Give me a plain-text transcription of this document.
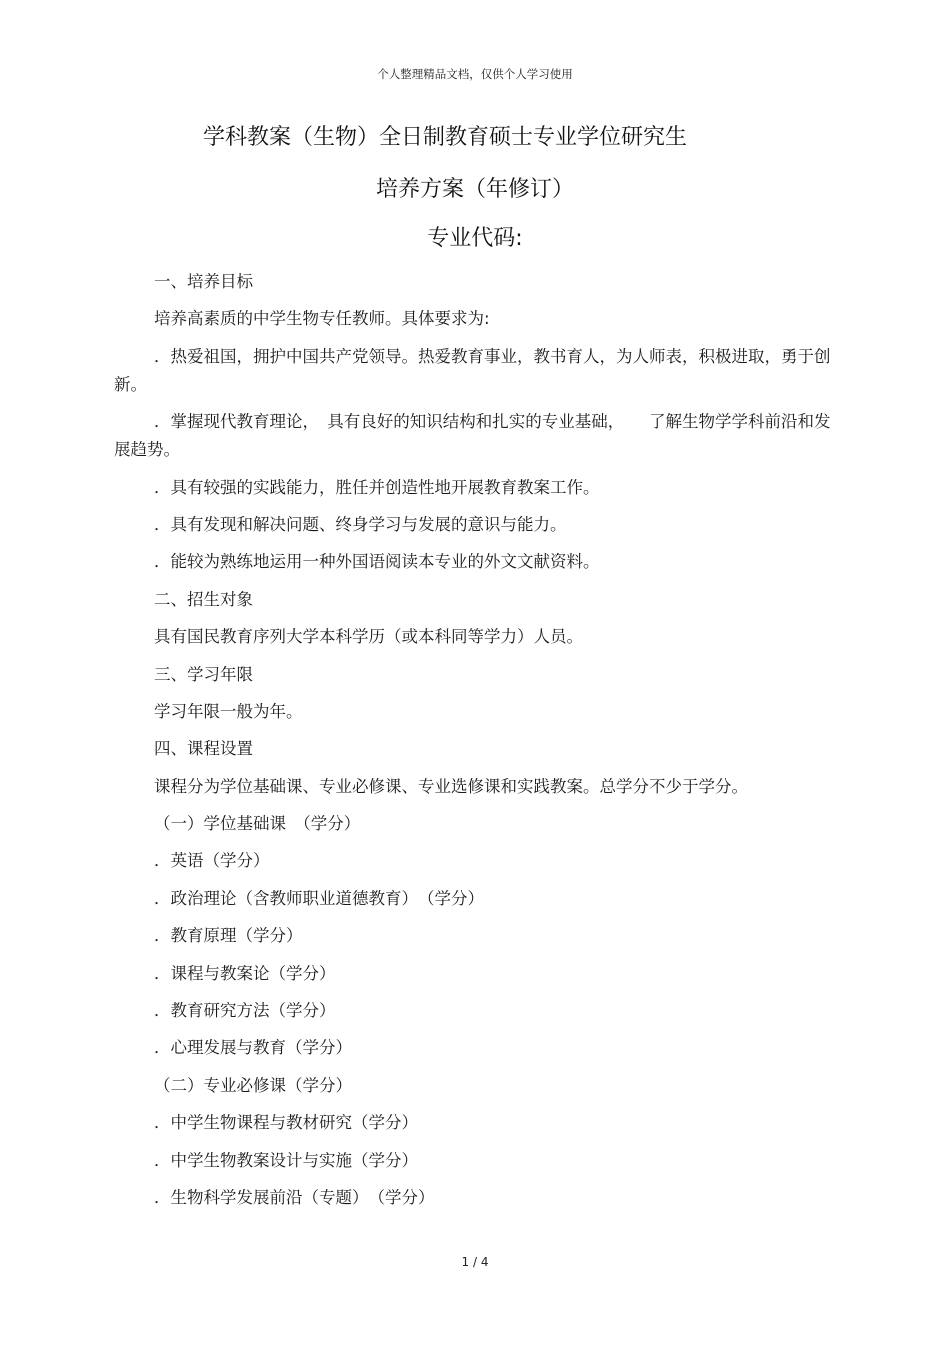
个人整理精品文档，仅供个人学习使用
学科教案（生物）全日制教育硕士专业学位研究生
培养方案（年修订）
专业代码:
一、培养目标
培养高素质的中学生物专任教师。具体要求为:
．热爱祖国，拥护中国共产党领导。热爱教育事业，教书育人，为人师表，积极进取，勇于创新。
．掌握现代教育理论，　具有良好的知识结构和扎实的专业基础，　　了解生物学学科前沿和发展趋势。
．具有较强的实践能力，胜任并创造性地开展教育教案工作。
．具有发现和解决问题、终身学习与发展的意识与能力。
．能较为熟练地运用一种外国语阅读本专业的外文文献资料。
二、招生对象
具有国民教育序列大学本科学历（或本科同等学力）人员。
三、学习年限
学习年限一般为年。
四、课程设置
课程分为学位基础课、专业必修课、专业选修课和实践教案。总学分不少于学分。
（一）学位基础课　（学分）
．英语（学分）
．政治理论（含教师职业道德教育）　（学分）
．教育原理（学分）
．课程与教案论（学分）
．教育研究方法（学分）
．心理发展与教育（学分）
（二）专业必修课（学分）
．中学生物课程与教材研究（学分）
．中学生物教案设计与实施（学分）
．生物科学发展前沿（专题）　（学分）
1 / 4
